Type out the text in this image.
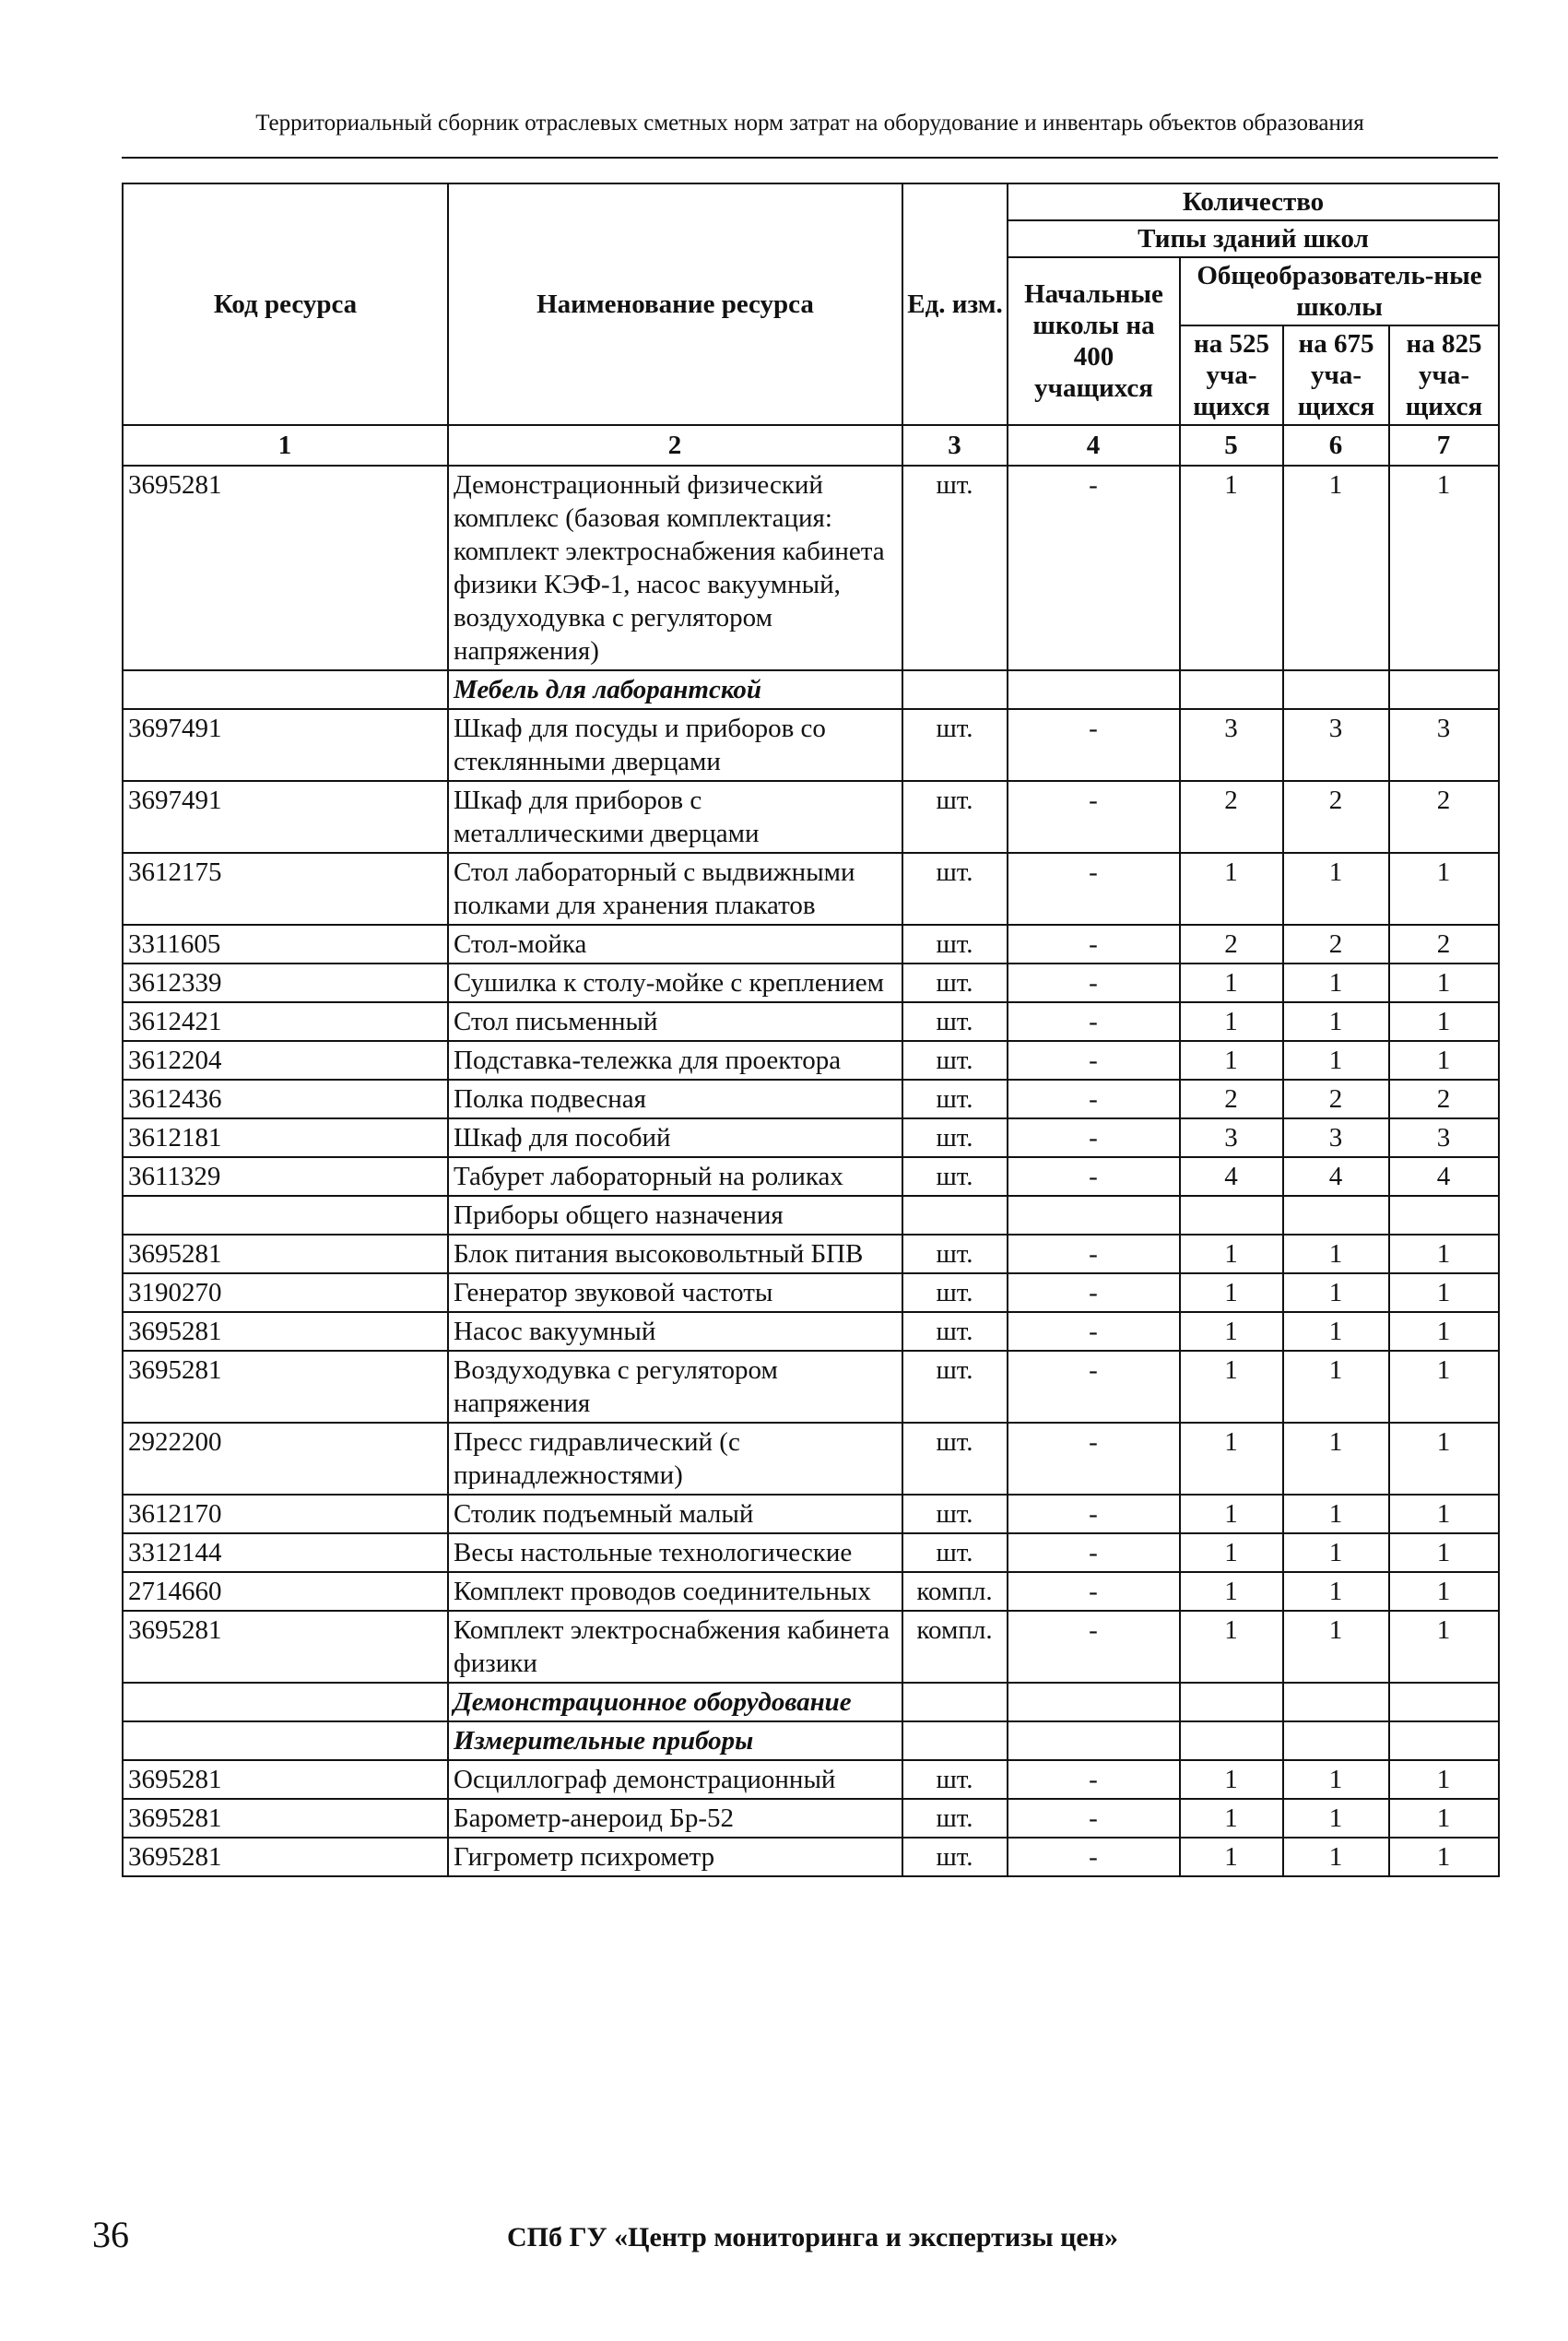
Территориальный сборник отраслевых сметных норм затрат на оборудование и инвентарь объектов образования
Код ресурса	Наименование ресурса	Ед. изм.	Количество			
			Типы зданий школ			
			Начальные школы на 400 учащихся	Общеобразователь-ные школы		
				на 525 уча-щихся	на 675 уча-щихся	на 825 уча-щихся
1	2	3	4	5	6	7
3695281	Демонстрационный физический комплекс (базовая комплектация: комплект электроснабжения кабинета физики КЭФ-1, насос вакуумный, воздуходувка с регулятором напряжения)	шт.	-	1	1	1
	Мебель для лаборантской					
3697491	Шкаф для посуды и приборов со стеклянными дверцами	шт.	-	3	3	3
3697491	Шкаф для приборов с металлическими дверцами	шт.	-	2	2	2
3612175	Стол лабораторный с выдвижными полками для хранения плакатов	шт.	-	1	1	1
3311605	Стол-мойка	шт.	-	2	2	2
3612339	Сушилка к столу-мойке с креплением	шт.	-	1	1	1
3612421	Стол письменный	шт.	-	1	1	1
3612204	Подставка-тележка для проектора	шт.	-	1	1	1
3612436	Полка подвесная	шт.	-	2	2	2
3612181	Шкаф для пособий	шт.	-	3	3	3
3611329	Табурет лабораторный на роликах	шт.	-	4	4	4
	Приборы общего назначения					
3695281	Блок питания высоковольтный БПВ	шт.	-	1	1	1
3190270	Генератор звуковой частоты	шт.	-	1	1	1
3695281	Насос вакуумный	шт.	-	1	1	1
3695281	Воздуходувка с регулятором напряжения	шт.	-	1	1	1
2922200	Пресс гидравлический (с принадлежностями)	шт.	-	1	1	1
3612170	Столик подъемный малый	шт.	-	1	1	1
3312144	Весы настольные технологические	шт.	-	1	1	1
2714660	Комплект проводов соединительных	компл.	-	1	1	1
3695281	Комплект электроснабжения кабинета физики	компл.	-	1	1	1
	Демонстрационное оборудование					
	Измерительные приборы					
3695281	Осциллограф демонстрационный	шт.	-	1	1	1
3695281	Барометр-анероид Бр-52	шт.	-	1	1	1
3695281	Гигрометр психрометр	шт.	-	1	1	1
36	СПб ГУ «Центр мониторинга и экспертизы цен»
